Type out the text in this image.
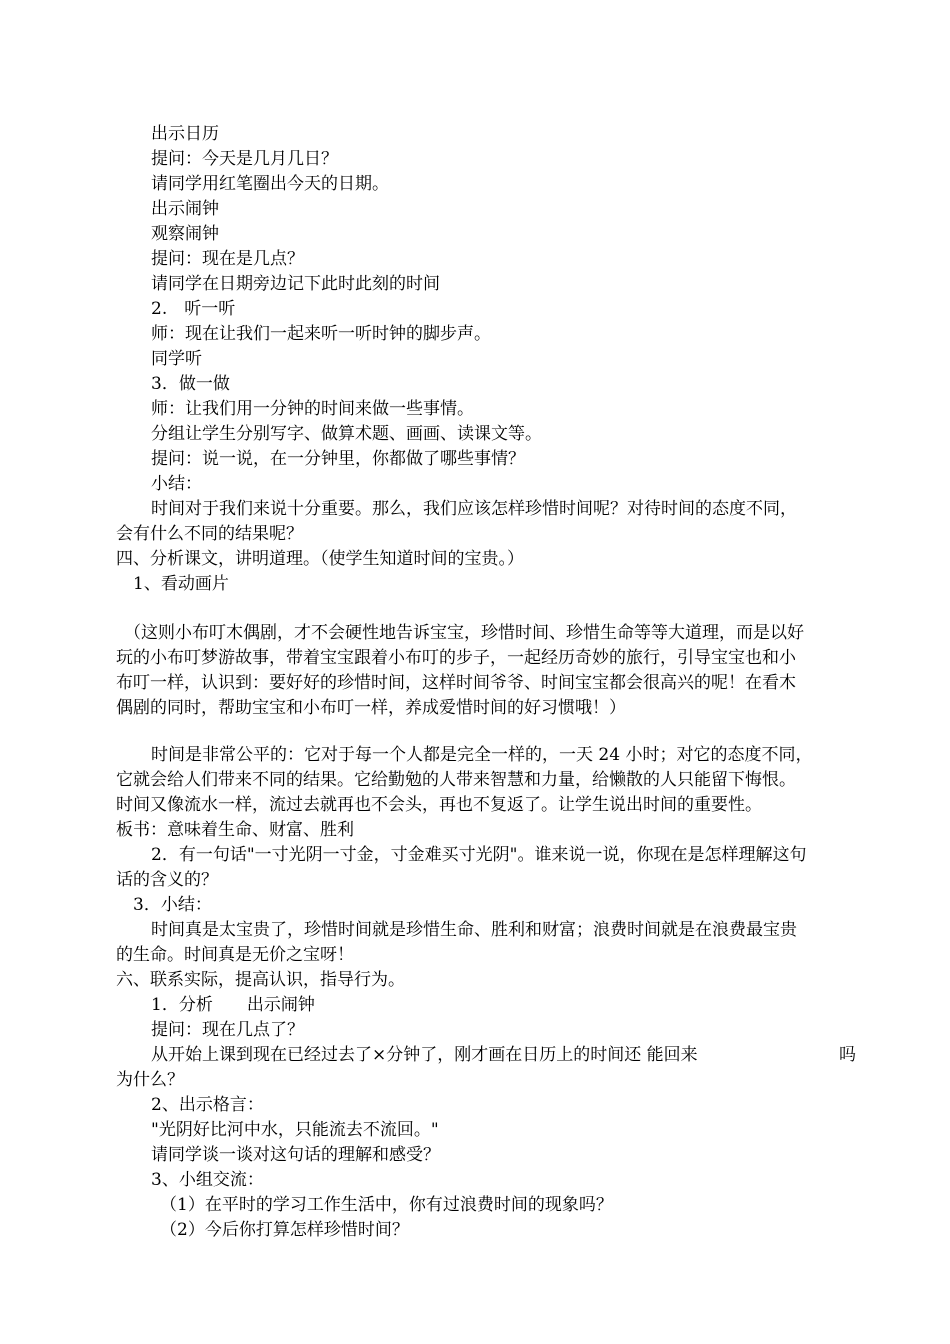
出示日历
提问：今天是几月几日？
请同学用红笔圈出今天的日期。
出示闹钟
观察闹钟
提问：现在是几点？
请同学在日期旁边记下此时此刻的时间
2.　听一听
师：现在让我们一起来听一听时钟的脚步声。
同学听
3．做一做
师：让我们用一分钟的时间来做一些事情。
分组让学生分别写字、做算术题、画画、读课文等。
提问：说一说，在一分钟里，你都做了哪些事情？
小结：
时间对于我们来说十分重要。那么，我们应该怎样珍惜时间呢？对待时间的态度不同，
会有什么不同的结果呢？
四、分析课文，讲明道理。（使学生知道时间的宝贵。）
1、看动画片
（这则小布叮木偶剧，才不会硬性地告诉宝宝，珍惜时间、珍惜生命等等大道理，而是以好
玩的小布叮梦游故事，带着宝宝跟着小布叮的步子，一起经历奇妙的旅行，引导宝宝也和小
布叮一样，认识到：要好好的珍惜时间，这样时间爷爷、时间宝宝都会很高兴的呢！在看木
偶剧的同时，帮助宝宝和小布叮一样，养成爱惜时间的好习惯哦！）
时间是非常公平的：它对于每一个人都是完全一样的，一天 24 小时；对它的态度不同，
它就会给人们带来不同的结果。它给勤勉的人带来智慧和力量，给懒散的人只能留下悔恨。
时间又像流水一样，流过去就再也不会头，再也不复返了。让学生说出时间的重要性。
板书：意味着生命、财富、胜利
2．有一句话"一寸光阴一寸金，寸金难买寸光阴"。谁来说一说，你现在是怎样理解这句
话的含义的？
3．小结：
时间真是太宝贵了，珍惜时间就是珍惜生命、胜利和财富；浪费时间就是在浪费最宝贵
的生命。时间真是无价之宝呀！
六、联系实际，提高认识，指导行为。
1．分析　　出示闹钟
提问：现在几点了？
从开始上课到现在已经过去了×分钟了，刚才画在日历上的时间还 能回来	吗
为什么？
2、出示格言：
"光阴好比河中水，只能流去不流回。"
请同学谈一谈对这句话的理解和感受？
3、小组交流：
（1）在平时的学习工作生活中，你有过浪费时间的现象吗？
（2）今后你打算怎样珍惜时间？
